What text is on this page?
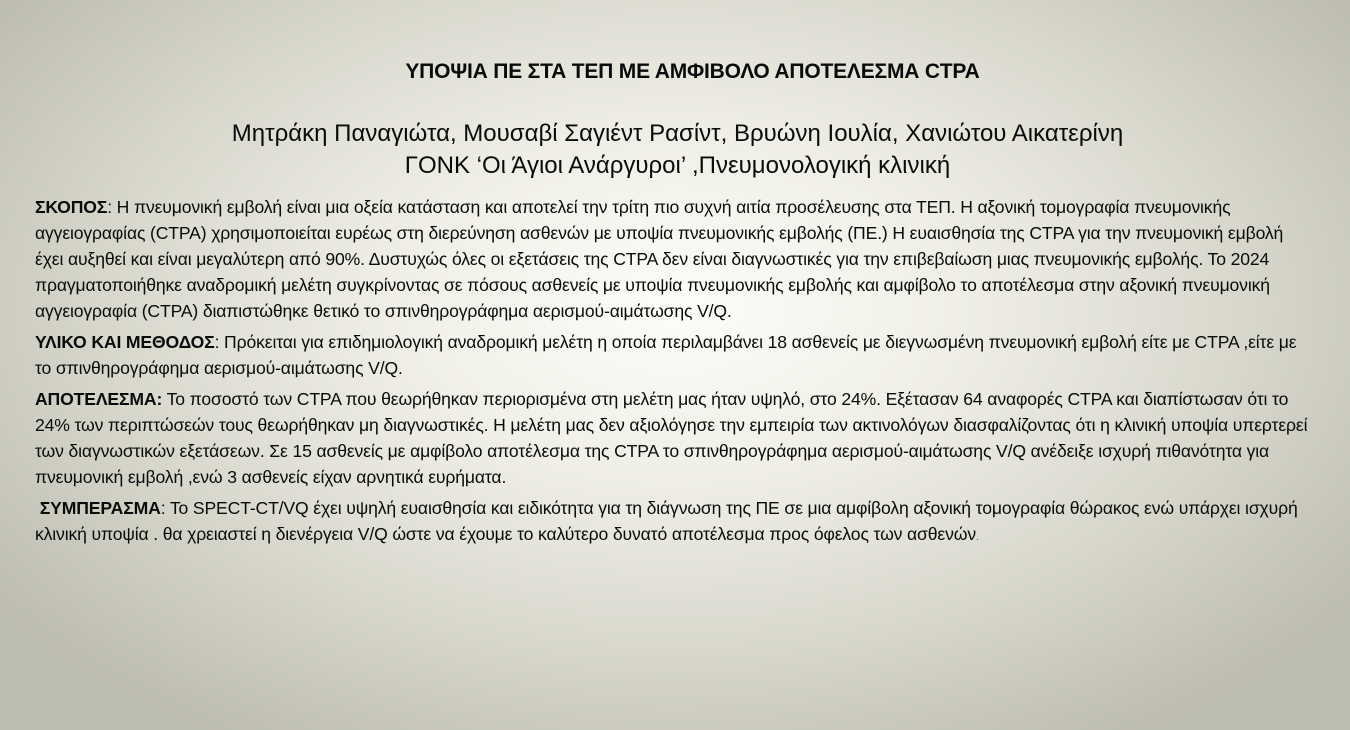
ΥΠΟΨΙΑ ΠΕ ΣΤΑ ΤΕΠ ΜΕ ΑΜΦΙΒΟΛΟ ΑΠΟΤΕΛΕΣΜΑ CTPA
Μητράκη Παναγιώτα, Μουσαβί Σαγιέντ Ρασίντ, Βρυώνη Ιουλία, Χανιώτου Αικατερίνη
ΓΟΝΚ ‘Οι Άγιοι Ανάργυροι’ ,Πνευμονολογική κλινική

ΣΚΟΠΟΣ: Η πνευμονική εμβολή είναι μια οξεία κατάσταση και αποτελεί την τρίτη πιο συχνή αιτία προσέλευσης στα ΤΕΠ. Η αξονική τομογραφία πνευμονικής αγγειογραφίας (CTPA) χρησιμοποιείται ευρέως στη διερεύνηση ασθενών με υποψία πνευμονικής εμβολής (ΠΕ.) Η ευαισθησία της CTPA για την πνευμονική εμβολή έχει αυξηθεί και είναι μεγαλύτερη από 90%. Δυστυχώς όλες οι εξετάσεις της CTPA δεν είναι διαγνωστικές για την επιβεβαίωση μιας πνευμονικής εμβολής. Το 2024 πραγματοποιήθηκε αναδρομική μελέτη συγκρίνοντας σε πόσους ασθενείς με υποψία πνευμονικής εμβολής και αμφίβολο το αποτέλεσμα στην αξονική πνευμονική αγγειογραφία (CTPA) διαπιστώθηκε θετικό το σπινθηρογράφημα αερισμού-αιμάτωσης V/Q.

ΥΛΙΚΟ ΚΑΙ ΜΕΘΟΔΟΣ: Πρόκειται για επιδημιολογική αναδρομική μελέτη η οποία περιλαμβάνει 18 ασθενείς με διεγνωσμένη πνευμονική εμβολή είτε με CTPA ,είτε με το σπινθηρογράφημα αερισμού-αιμάτωσης V/Q.

ΑΠΟΤΕΛΕΣΜΑ: Το ποσοστό των CTPA που θεωρήθηκαν περιορισμένα στη μελέτη μας ήταν υψηλό, στο 24%. Εξέτασαν 64 αναφορές CTPA και διαπίστωσαν ότι το 24% των περιπτώσεών τους θεωρήθηκαν μη διαγνωστικές. Η μελέτη μας δεν αξιολόγησε την εμπειρία των ακτινολόγων διασφαλίζοντας ότι η κλινική υποψία υπερτερεί των διαγνωστικών εξετάσεων. Σε 15 ασθενείς με αμφίβολο αποτέλεσμα της CTPA το σπινθηρογράφημα αερισμού-αιμάτωσης V/Q ανέδειξε ισχυρή πιθανότητα για πνευμονική εμβολή ,ενώ 3 ασθενείς είχαν αρνητικά ευρήματα.

ΣΥΜΠΕΡΑΣΜΑ: Το SPECT-CT/VQ έχει υψηλή ευαισθησία και ειδικότητα για τη διάγνωση της ΠΕ σε μια αμφίβολη αξονική τομογραφία θώρακος ενώ υπάρχει ισχυρή κλινική υποψία . θα χρειαστεί η διενέργεια V/Q ώστε να έχουμε το καλύτερο δυνατό αποτέλεσμα προς όφελος των ασθενών.
